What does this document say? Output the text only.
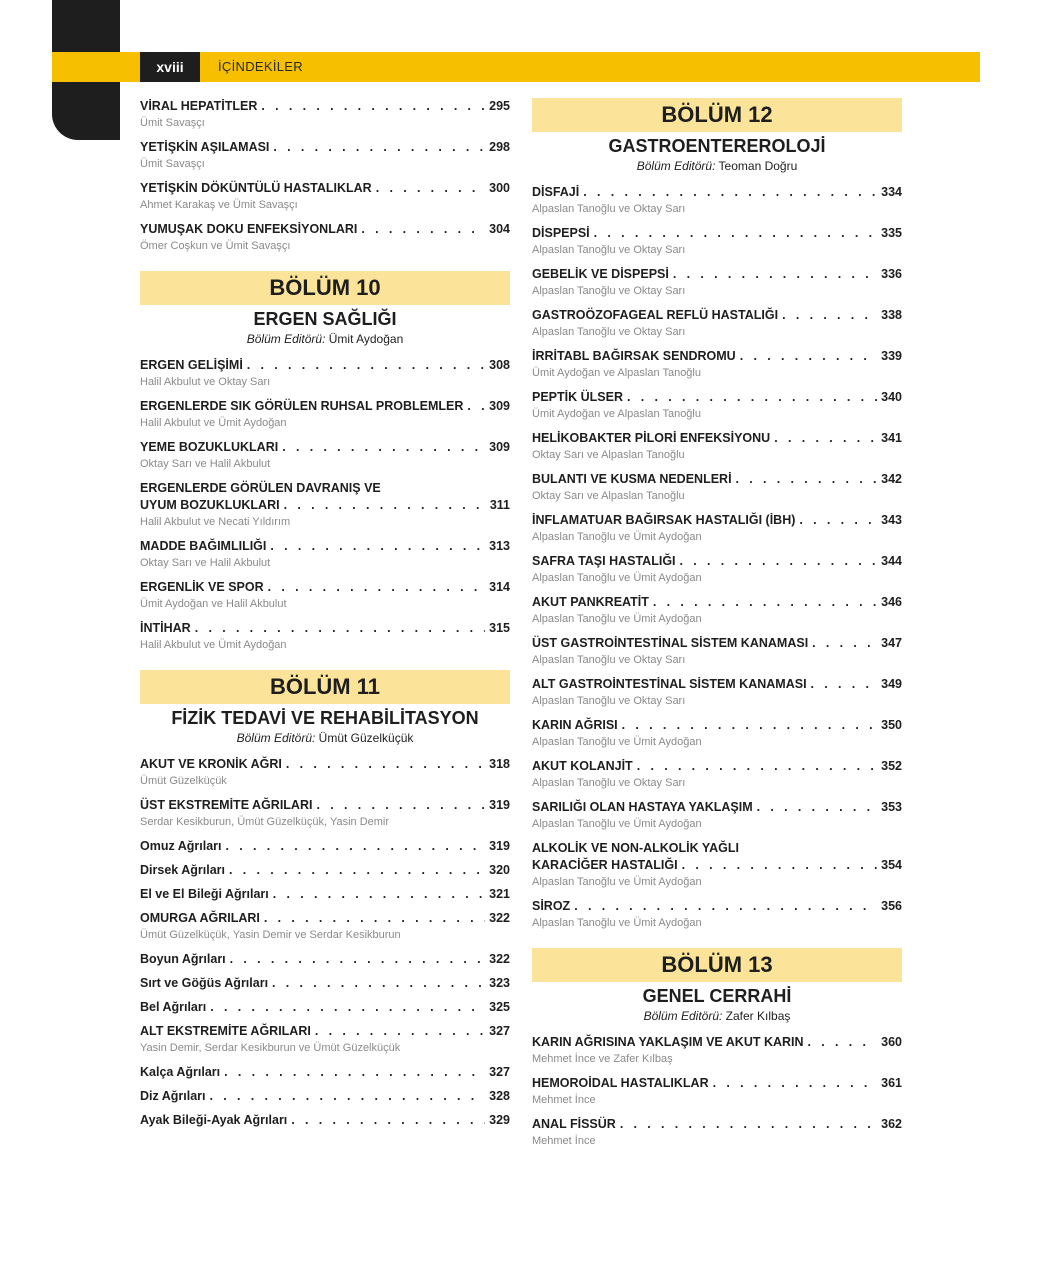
xviii	İÇİNDEKİLER
VİRAL HEPATİTLER . . .	295
Ümit Savaşçı
YETİŞKİN AŞILAMASI . . .	298
Ümit Savaşçı
YETİŞKİN DÖKÜNTÜLÜ HASTALIKLAR . . .	300
Ahmet Karakaş ve Ümit Savaşçı
YUMUŞAK DOKU ENFEKSİYONLARI . . .	304
Ömer Coşkun ve Ümit Savaşçı
BÖLÜM 10
ERGEN SAĞLIĞI
Bölüm Editörü: Ümit Aydoğan
ERGEN GELİŞİMİ . . .	308
Halil Akbulut ve Oktay Sarı
ERGENLERDE SIK GÖRÜLEN RUHSAL PROBLEMLER . . . 309
Halil Akbulut ve Ümit Aydoğan
YEME BOZUKLUKLARI . . .	309
Oktay Sarı ve Halil Akbulut
ERGENLERDE GÖRÜLEN DAVRANIŞ VE
UYUM BOZUKLUKLARI . . .	311
Halil Akbulut ve Necati Yıldırım
MADDE BAĞIMLILIĞI . . .	313
Oktay Sarı ve Halil Akbulut
ERGENLİK VE SPOR . . .	314
Ümit Aydoğan ve Halil Akbulut
İNTİHAR . . .	315
Halil Akbulut ve Ümit Aydoğan
BÖLÜM 11
FİZİK TEDAVİ VE REHABİLİTASYON
Bölüm Editörü: Ümüt Güzelküçük
AKUT VE KRONİK AĞRI . . .	318
Ümüt Güzelküçük
ÜST EKSTREMİTE AĞRILARI . . .	319
Serdar Kesikburun, Ümüt Güzelküçük, Yasin Demir
Omuz Ağrıları . . .	319
Dirsek Ağrıları . . .	320
El ve El Bileği Ağrıları . . .	321
OMURGA AĞRILARI . . .	322
Ümüt Güzelküçük, Yasin Demir ve Serdar Kesikburun
Boyun Ağrıları . . .	322
Sırt ve Göğüs Ağrıları . . .	323
Bel Ağrıları . . .	325
ALT EKSTREMİTE AĞRILARI . . .	327
Yasin Demir, Serdar Kesikburun ve Ümüt Güzelküçük
Kalça Ağrıları . . .	327
Diz Ağrıları . . .	328
Ayak Bileği-Ayak Ağrıları . . .	329
BÖLÜM 12
GASTROENTEREROLOJİ
Bölüm Editörü: Teoman Doğru
DİSFAJİ . . .	334
Alpaslan Tanoğlu ve Oktay Sarı
DİSPEPSİ . . .	335
Alpaslan Tanoğlu ve Oktay Sarı
GEBELİK VE DİSPEPSİ . . .	336
Alpaslan Tanoğlu ve Oktay Sarı
GASTROÖZOFAGEAL REFLÜ HASTALIĞI . . .	338
Alpaslan Tanoğlu ve Oktay Sarı
İRRİTABL BAĞIRSAK SENDROMU . . .	339
Ümit Aydoğan ve Alpaslan Tanoğlu
PEPTİK ÜLSER . . .	340
Ümit Aydoğan ve Alpaslan Tanoğlu
HELİKOBAKTER PİLORİ ENFEKSİYONU . . .	341
Oktay Sarı ve Alpaslan Tanoğlu
BULANTI VE KUSMA NEDENLERİ . . .	342
Oktay Sarı ve Alpaslan Tanoğlu
İNFLAMATUAR BAĞIRSAK HASTALIĞI (İBH) . . .	343
Alpaslan Tanoğlu ve Ümit Aydoğan
SAFRA TAŞI HASTALIĞI . . .	344
Alpaslan Tanoğlu ve Ümit Aydoğan
AKUT PANKREATİT . . .	346
Alpaslan Tanoğlu ve Ümit Aydoğan
ÜST GASTROİNTESTİNAL SİSTEM KANAMASI . . .	347
Alpaslan Tanoğlu ve Oktay Sarı
ALT GASTROİNTESTİNAL SİSTEM KANAMASI . . .	349
Alpaslan Tanoğlu ve Oktay Sarı
KARIN AĞRISI . . .	350
Alpaslan Tanoğlu ve Ümit Aydoğan
AKUT KOLANJİT . . .	352
Alpaslan Tanoğlu ve Oktay Sarı
SARILIĞI OLAN HASTAYA YAKLAŞIM . . .	353
Alpaslan Tanoğlu ve Ümit Aydoğan
ALKOLİK VE NON-ALKOLİK YAĞLI
KARACİĞER HASTALIĞI . . .	354
Alpaslan Tanoğlu ve Ümit Aydoğan
SİROZ . . .	356
Alpaslan Tanoğlu ve Ümit Aydoğan
BÖLÜM 13
GENEL CERRAHİ
Bölüm Editörü: Zafer Kılbaş
KARIN AĞRISINA YAKLAŞIM VE AKUT KARIN . . .	360
Mehmet İnce ve Zafer Kılbaş
HEMOROİDAL HASTALIKLAR . . .	361
Mehmet İnce
ANAL FİSSÜR . . .	362
Mehmet İnce
